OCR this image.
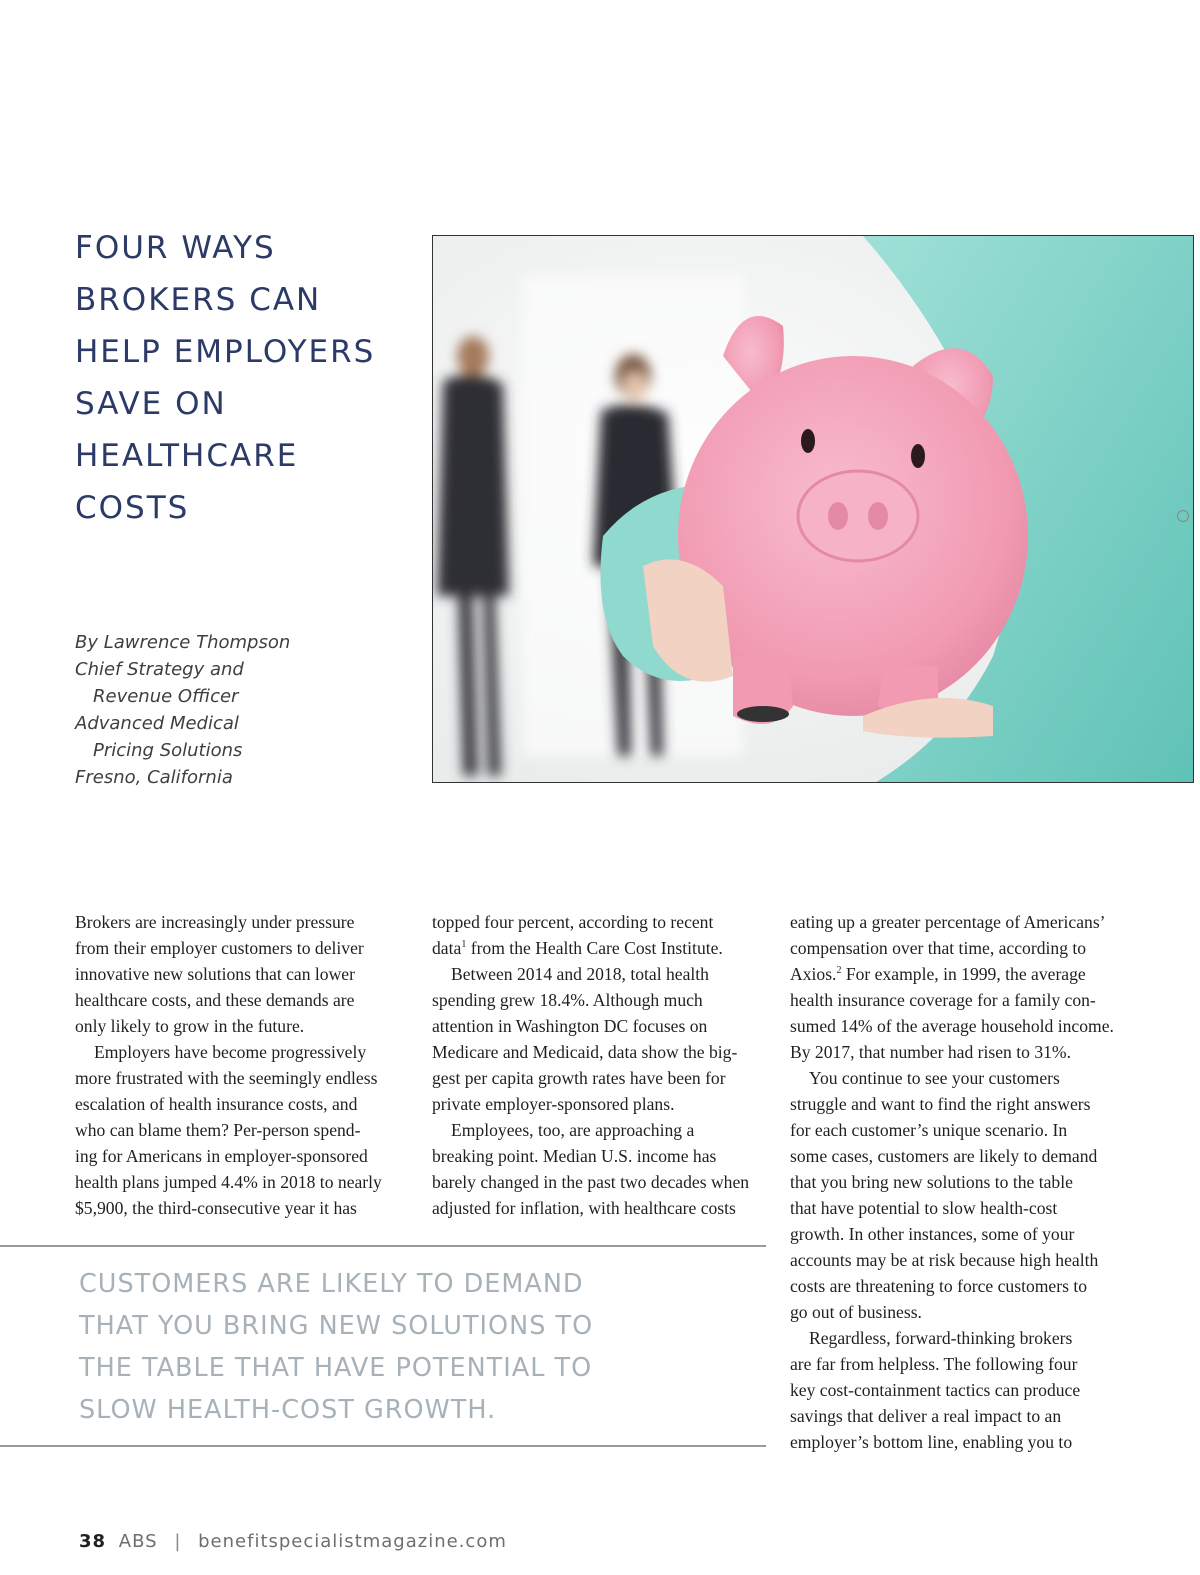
FOUR WAYS
BROKERS CAN
HELP EMPLOYERS
SAVE ON
HEALTHCARE
COSTS
By Lawrence Thompson
Chief Strategy and
Revenue Officer
Advanced Medical
Pricing Solutions
Fresno, California

Brokers are increasingly under pressure
from their employer customers to deliver
innovative new solutions that can lower
healthcare costs, and these demands are
only likely to grow in the future.

Employers have become progressively
more frustrated with the seemingly endless
escalation of health insurance costs, and
who can blame them? Per-person spend-
ing for Americans in employer-sponsored
health plans jumped 4.4% in 2018 to nearly
$5,900, the third-consecutive year it has

topped four percent, according to recent
data$^1$ from the Health Care Cost Institute.

Between 2014 and 2018, total health
spending grew 18.4%. Although much
attention in Washington DC focuses on
Medicare and Medicaid, data show the big-
gest per capita growth rates have been for
private employer-sponsored plans.

Employees, too, are approaching a
breaking point. Median U.S. income has
barely changed in the past two decades when
adjusted for inflation, with healthcare costs

eating up a greater percentage of Americans’
compensation over that time, according to
Axios.$^2$ For example, in 1999, the average
health insurance coverage for a family con-
sumed 14% of the average household income.
By 2017, that number had risen to 31%.

You continue to see your customers
struggle and want to find the right answers
for each customer’s unique scenario. In
some cases, customers are likely to demand
that you bring new solutions to the table
that have potential to slow health-cost
growth. In other instances, some of your
accounts may be at risk because high health
costs are threatening to force customers to
go out of business.

Regardless, forward-thinking brokers
are far from helpless. The following four
key cost-containment tactics can produce
savings that deliver a real impact to an
employer’s bottom line, enabling you to

CUSTOMERS ARE LIKELY TO DEMAND
THAT YOU BRING NEW SOLUTIONS TO
THE TABLE THAT HAVE POTENTIAL TO
SLOW HEALTH-COST GROWTH.
38 ABS | benefitspecialistmagazine.com
